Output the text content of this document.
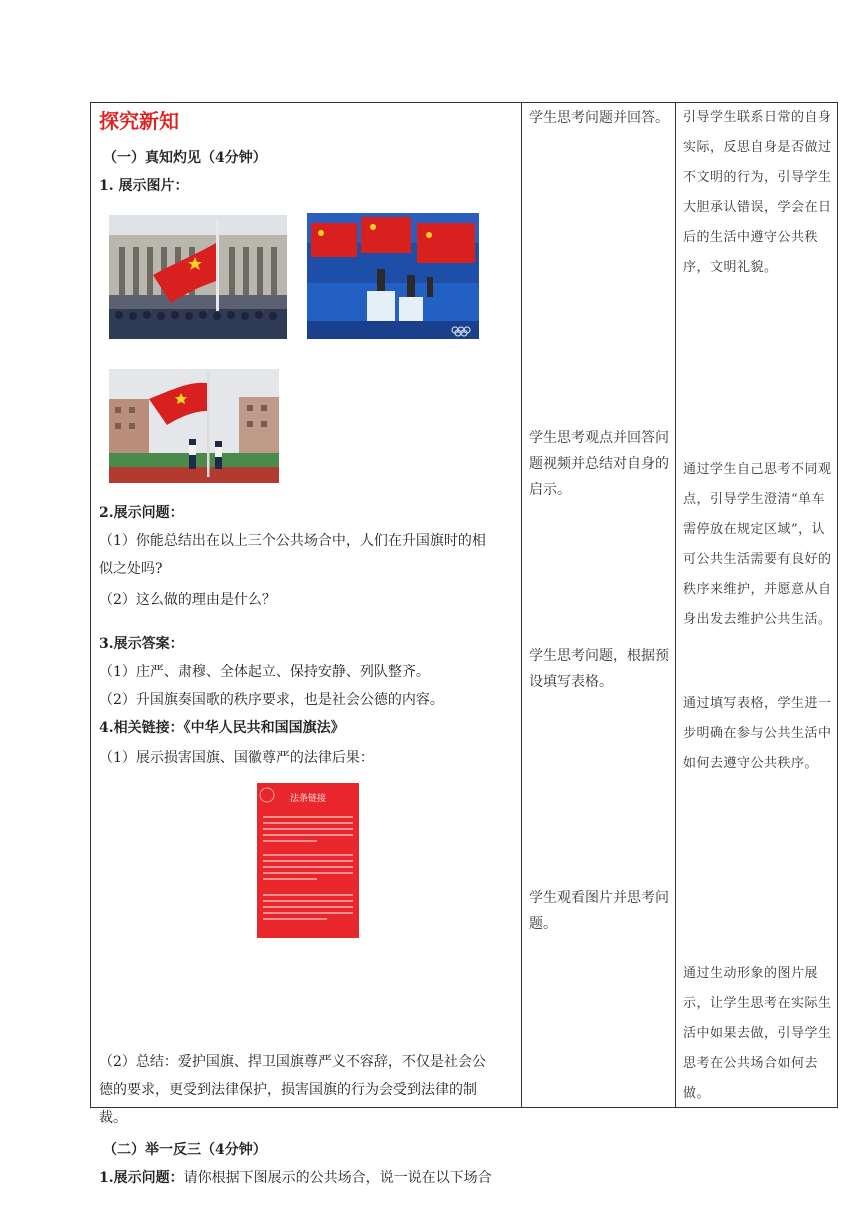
探究新知
（一）真知灼见（4分钟）
1. 展示图片：
2.展示问题：
（1）你能总结出在以上三个公共场合中，人们在升国旗时的相
似之处吗?
（2）这么做的理由是什么？
3.展示答案：
（1）庄严、肃穆、全体起立、保持安静、列队整齐。
（2）升国旗奏国歌的秩序要求，也是社会公德的内容。
4.相关链接：《中华人民共和国国旗法》
（1）展示损害国旗、国徽尊严的法律后果：
法条链接
（2）总结：爱护国旗、捍卫国旗尊严义不容辞，不仅是社会公
德的要求，更受到法律保护，损害国旗的行为会受到法律的制
裁。
（二）举一反三（4分钟）
1.展示问题：请你根据下图展示的公共场合，说一说在以下场合
学生思考问题并回答。
学生思考观点并回答问题视频并总结对自身的启示。
学生思考问题，根据预设填写表格。
学生观看图片并思考问题。
引导学生联系日常的自身实际，反思自身是否做过不文明的行为，引导学生大胆承认错误，学会在日后的生活中遵守公共秩序，文明礼貌。
通过学生自己思考不同观点，引导学生澄清“单车需停放在规定区域”，认可公共生活需要有良好的秩序来维护，并愿意从自身出发去维护公共生活。
通过填写表格，学生进一步明确在参与公共生活中如何去遵守公共秩序。
通过生动形象的图片展示，让学生思考在实际生活中如果去做，引导学生思考在公共场合如何去做。
